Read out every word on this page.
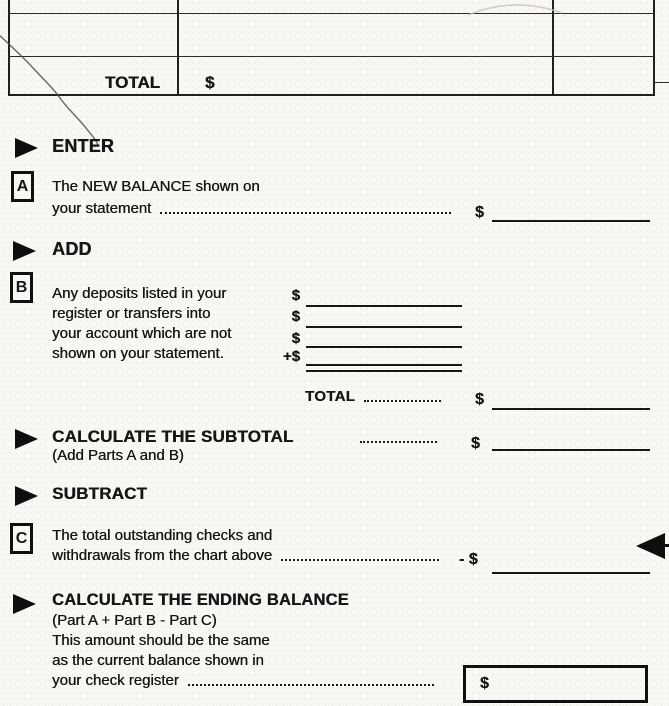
TOTAL	$
ENTER
A	The NEW BALANCE shown on
your statement	$
ADD
B	Any deposits listed in your
register or transfers into
your account which are not
shown on your statement.
$
$
$
+$
TOTAL	$
CALCULATE THE SUBTOTAL
(Add Parts A and B)
$
SUBTRACT
C	The total outstanding checks and
withdrawals from the chart above	- $
CALCULATE THE ENDING BALANCE
(Part A + Part B - Part C)
This amount should be the same
as the current balance shown in
your check register	$
